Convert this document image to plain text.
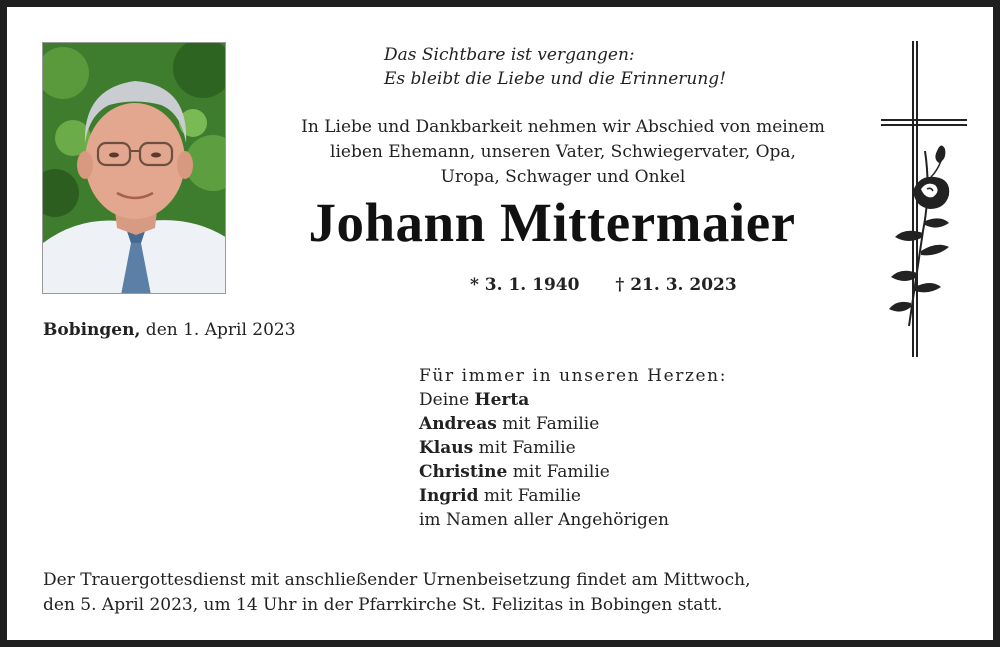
Das Sichtbare ist vergangen:
Es bleibt die Liebe und die Erinnerung!
In Liebe und Dankbarkeit nehmen wir Abschied von meinem
lieben Ehemann, unseren Vater, Schwiegervater, Opa,
Uropa, Schwager und Onkel
Johann Mittermaier
* 3. 1. 1940 † 21. 3. 2023
Bobingen, den 1. April 2023
Für immer in unseren Herzen:
Deine Herta
Andreas mit Familie
Klaus mit Familie
Christine mit Familie
Ingrid mit Familie
im Namen aller Angehörigen
Der Trauergottesdienst mit anschließender Urnenbeisetzung findet am Mittwoch,
den 5. April 2023, um 14 Uhr in der Pfarrkirche St. Felizitas in Bobingen statt.
